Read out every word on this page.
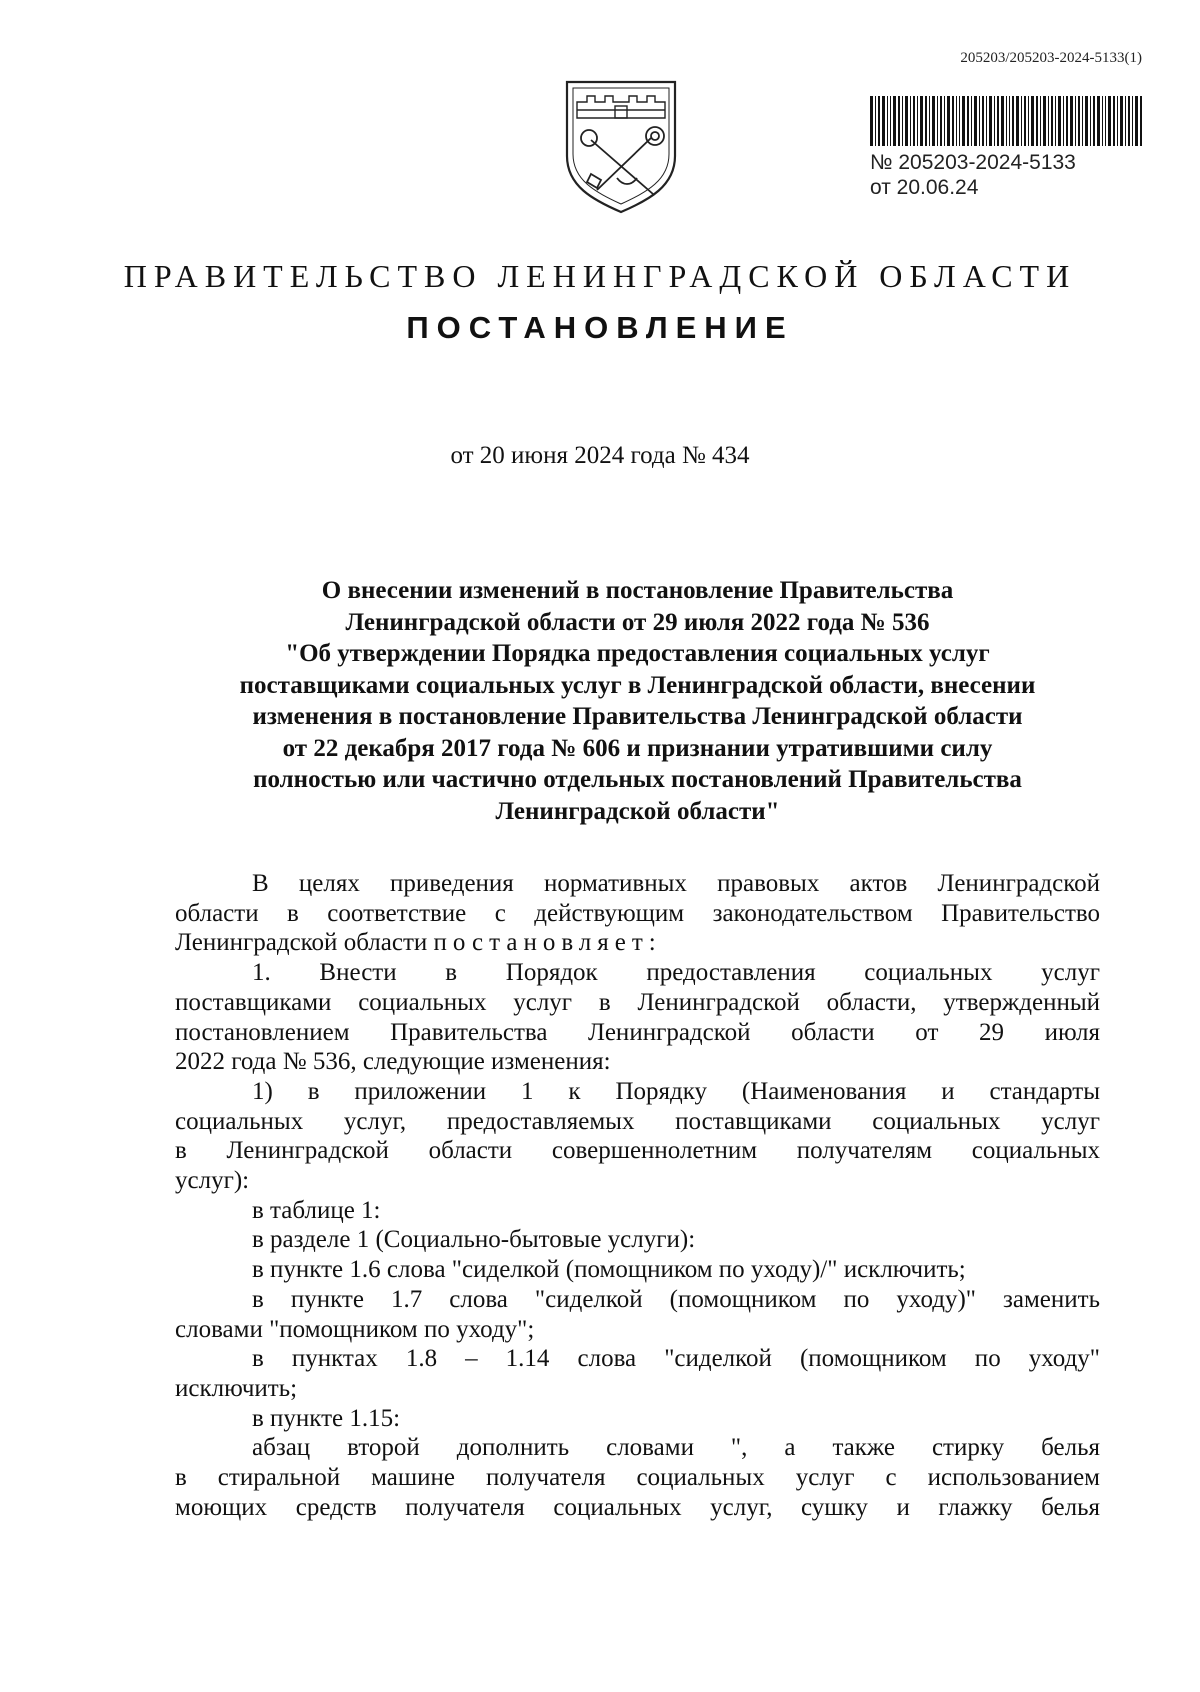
205203/205203-2024-5133(1)
№ 205203-2024-5133
от 20.06.24
ПРАВИТЕЛЬСТВО ЛЕНИНГРАДСКОЙ ОБЛАСТИ
ПОСТАНОВЛЕНИЕ
от 20 июня 2024 года № 434
О внесении изменений в постановление Правительства
Ленинградской области от 29 июля 2022 года № 536
"Об утверждении Порядка предоставления социальных услуг
поставщиками социальных услуг в Ленинградской области, внесении
изменения в постановление Правительства Ленинградской области
от 22 декабря 2017 года № 606 и признании утратившими силу
полностью или частично отдельных постановлений Правительства
Ленинградской области"

В целях приведения нормативных правовых актов Ленинградской

области в соответствие с действующим законодательством Правительство

Ленинградской области постановляет:

1. Внести в Порядок предоставления социальных услуг

поставщиками социальных услуг в Ленинградской области, утвержденный

постановлением Правительства Ленинградской области от 29 июля

2022 года № 536, следующие изменения:

1) в приложении 1 к Порядку (Наименования и стандарты

социальных услуг, предоставляемых поставщиками социальных услуг

в Ленинградской области совершеннолетним получателям социальных

услуг):

в таблице 1:

в разделе 1 (Социально-бытовые услуги):

в пункте 1.6 слова "сиделкой (помощником по уходу)/" исключить;

в пункте 1.7 слова "сиделкой (помощником по уходу)" заменить

словами "помощником по уходу";

в пунктах 1.8 – 1.14 слова "сиделкой (помощником по уходу"

исключить;

в пункте 1.15:

абзац второй дополнить словами ", а также стирку белья

в стиральной машине получателя социальных услуг с использованием

моющих средств получателя социальных услуг, сушку и глажку белья
